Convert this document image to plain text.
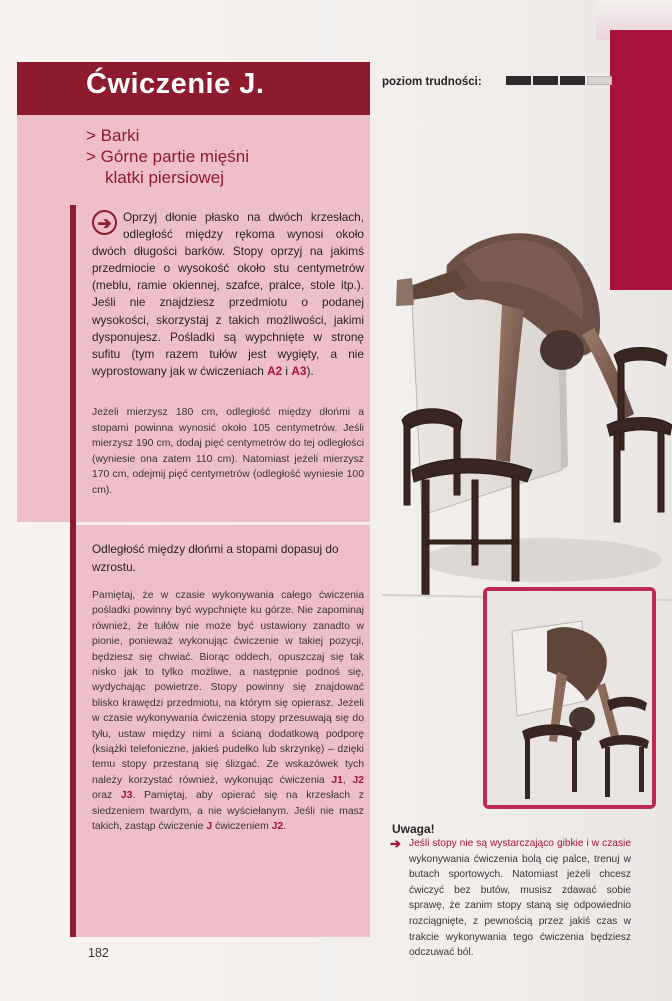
Ćwiczenie J.	poziom trudności:

> Barki

> Górne partie mięśni

klatki piersiowej

➔ Oprzyj dłonie płasko na dwóch krzesłach, odległość między rękoma wynosi około dwóch długości barków. Stopy oprzyj na jakimś przedmiocie o wysokość około stu centymetrów (meblu, ramie okiennej, szafce, pralce, stole itp.). Jeśli nie znajdziesz przedmiotu o podanej wysokości, skorzystaj z takich możliwości, jakimi dysponujesz. Pośladki są wypchnięte w stronę sufitu (tym razem tułów jest wygięty, a nie wyprostowany jak w ćwiczeniach A2 i A3).
Jeżeli mierzysz 180 cm, odległość między dłońmi a stopami powinna wynosić około 105 centymetrów. Jeśli mierzysz 190 cm, dodaj pięć centymetrów do tej odległości (wyniesie ona zatem 110 cm). Natomiast jeżeli mierzysz 170 cm, odejmij pięć centymetrów (odległość wyniesie 100 cm).
Odległość między dłońmi a stopami dopasuj do wzrostu.
Pamiętaj, że w czasie wykonywania całego ćwiczenia pośladki powinny być wypchnięte ku górze. Nie zapominaj również, że tułów nie może być ustawiony zanadto w pionie, ponieważ wykonując ćwiczenie w takiej pozycji, będziesz się chwiać. Biorąc oddech, opuszczaj się tak nisko jak to tylko możliwe, a następnie podnoś się, wydychając powietrze. Stopy powinny się znajdować blisko krawędzi przedmiotu, na którym się opierasz. Jeżeli w czasie wykonywania ćwiczenia stopy przesuwają się do tyłu, ustaw między nimi a ścianą dodatkową podporę (książki telefoniczne, jakieś pudełko lub skrzynkę) – dzięki temu stopy przestaną się ślizgać. Ze wskazówek tych należy korzystać również, wykonując ćwiczenia J1, J2 oraz J3. Pamiętaj, aby opierać się na krzesłach z siedzeniem twardym, a nie wyściełanym. Jeśli nie masz takich, zastąp ćwiczenie J ćwiczeniem J2.
182
Uwaga!
➔ Jeśli stopy nie są wystarczająco gibkie i w czasie wykonywania ćwiczenia bolą cię palce, trenuj w butach sportowych. Natomiast jeżeli chcesz ćwiczyć bez butów, musisz zdawać sobie sprawę, że zanim stopy staną się odpowiednio rozciągnięte, z pewnością przez jakiś czas w trakcie wykonywania tego ćwiczenia będziesz odczuwać ból.
